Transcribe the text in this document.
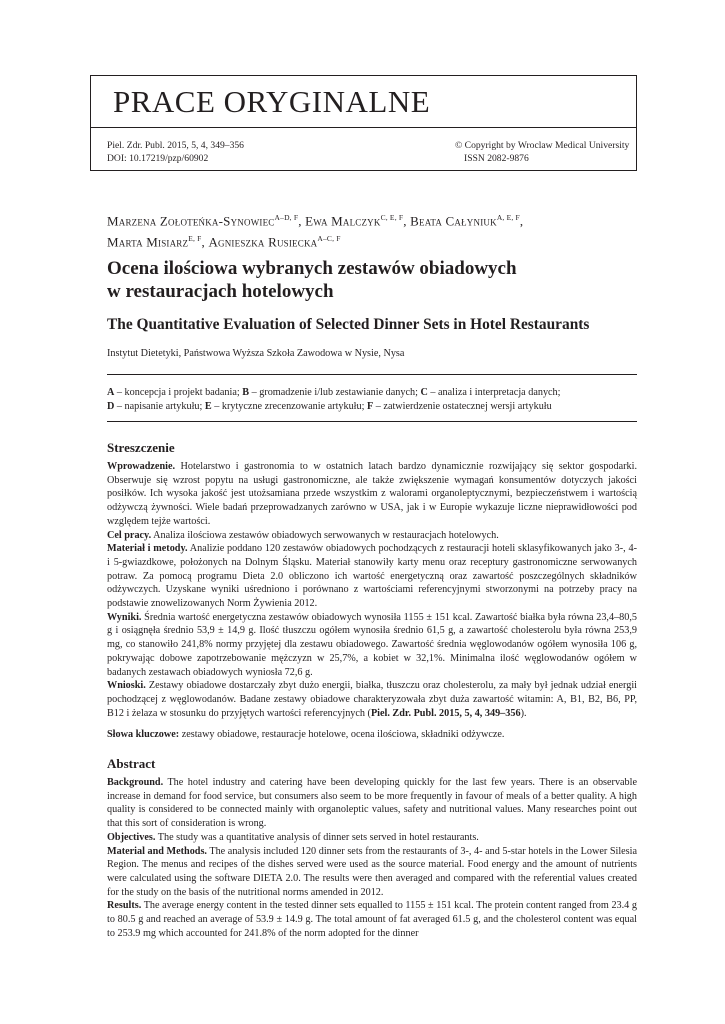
PRACE ORYGINALNE
Piel. Zdr. Publ. 2015, 5, 4, 349–356
DOI: 10.17219/pzp/60902
© Copyright by Wroclaw Medical University
ISSN 2082-9876
Marzena Zołoteńka-Synowiec$^{A-D, F}$, Ewa Malczyk$^{C, E, F}$, Beata Całyniuk$^{A, E, F}$,
Marta Misiarz$^{E, F}$, Agnieszka Rusiecka$^{A-C, F}$
Ocena ilościowa wybranych zestawów obiadowych
w restauracjach hotelowych
The Quantitative Evaluation of Selected Dinner Sets in Hotel Restaurants
Instytut Dietetyki, Państwowa Wyższa Szkoła Zawodowa w Nysie, Nysa
A – koncepcja i projekt badania; B – gromadzenie i/lub zestawianie danych; C – analiza i interpretacja danych;
D – napisanie artykułu; E – krytyczne zrecenzowanie artykułu; F – zatwierdzenie ostatecznej wersji artykułu
Streszczenie

Wprowadzenie. Hotelarstwo i gastronomia to w ostatnich latach bardzo dynamicznie rozwijający się sektor gospodarki. Obserwuje się wzrost popytu na usługi gastronomiczne, ale także zwiększenie wymagań konsumentów dotyczych jakości posiłków. Ich wysoka jakość jest utożsamiana przede wszystkim z walorami organoleptycznymi, bezpieczeństwem i wartością odżywczą żywności. Wiele badań przeprowadzanych zarówno w USA, jak i w Europie wykazuje liczne nieprawidłowości pod względem tejże wartości.

Cel pracy. Analiza ilościowa zestawów obiadowych serwowanych w restauracjach hotelowych.

Materiał i metody. Analizie poddano 120 zestawów obiadowych pochodzących z restauracji hoteli sklasyfikowanych jako 3-, 4- i 5-gwiazdkowe, położonych na Dolnym Śląsku. Materiał stanowiły karty menu oraz receptury gastronomiczne serwowanych potraw. Za pomocą programu Dieta 2.0 obliczono ich wartość energetyczną oraz zawartość poszczególnych składników odżywczych. Uzyskane wyniki uśredniono i porównano z wartościami referencyjnymi stworzonymi na potrzeby pracy na podstawie znowelizowanych Norm Żywienia 2012.

Wyniki. Średnia wartość energetyczna zestawów obiadowych wynosiła 1155 ± 151 kcal. Zawartość białka była równa 23,4–80,5 g i osiągnęła średnio 53,9 ± 14,9 g. Ilość tłuszczu ogółem wynosiła średnio 61,5 g, a zawartość cholesterolu była równa 253,9 mg, co stanowiło 241,8% normy przyjętej dla zestawu obiadowego. Zawartość średnia węglowodanów ogółem wynosiła 106 g, pokrywając dobowe zapotrzebowanie mężczyzn w 25,7%, a kobiet w 32,1%. Minimalna ilość węglowodanów ogółem w badanych zestawach obiadowych wyniosła 72,6 g.

Wnioski. Zestawy obiadowe dostarczały zbyt dużo energii, białka, tłuszczu oraz cholesterolu, za mały był jednak udział energii pochodzącej z węglowodanów. Badane zestawy obiadowe charakteryzowała zbyt duża zawartość witamin: A, B1, B2, B6, PP, B12 i żelaza w stosunku do przyjętych wartości referencyjnych (Piel. Zdr. Publ. 2015, 5, 4, 349–356).

Słowa kluczowe: zestawy obiadowe, restauracje hotelowe, ocena ilościowa, składniki odżywcze.

Abstract

Background. The hotel industry and catering have been developing quickly for the last few years. There is an observable increase in demand for food service, but consumers also seem to be more frequently in favour of meals of a better quality. A high quality is considered to be connected mainly with organoleptic values, safety and nutritional values. Many researches point out that this sort of consideration is wrong.

Objectives. The study was a quantitative analysis of dinner sets served in hotel restaurants.

Material and Methods. The analysis included 120 dinner sets from the restaurants of 3-, 4- and 5-star hotels in the Lower Silesia Region. The menus and recipes of the dishes served were used as the source material. Food energy and the amount of nutrients were calculated using the software DIETA 2.0. The results were then averaged and compared with the referential values created for the study on the basis of the nutritional norms amended in 2012.

Results. The average energy content in the tested dinner sets equalled to 1155 ± 151 kcal. The protein content ranged from 23.4 g to 80.5 g and reached an average of 53.9 ± 14.9 g. The total amount of fat averaged 61.5 g, and the cholesterol content was equal to 253.9 mg which accounted for 241.8% of the norm adopted for the dinner
